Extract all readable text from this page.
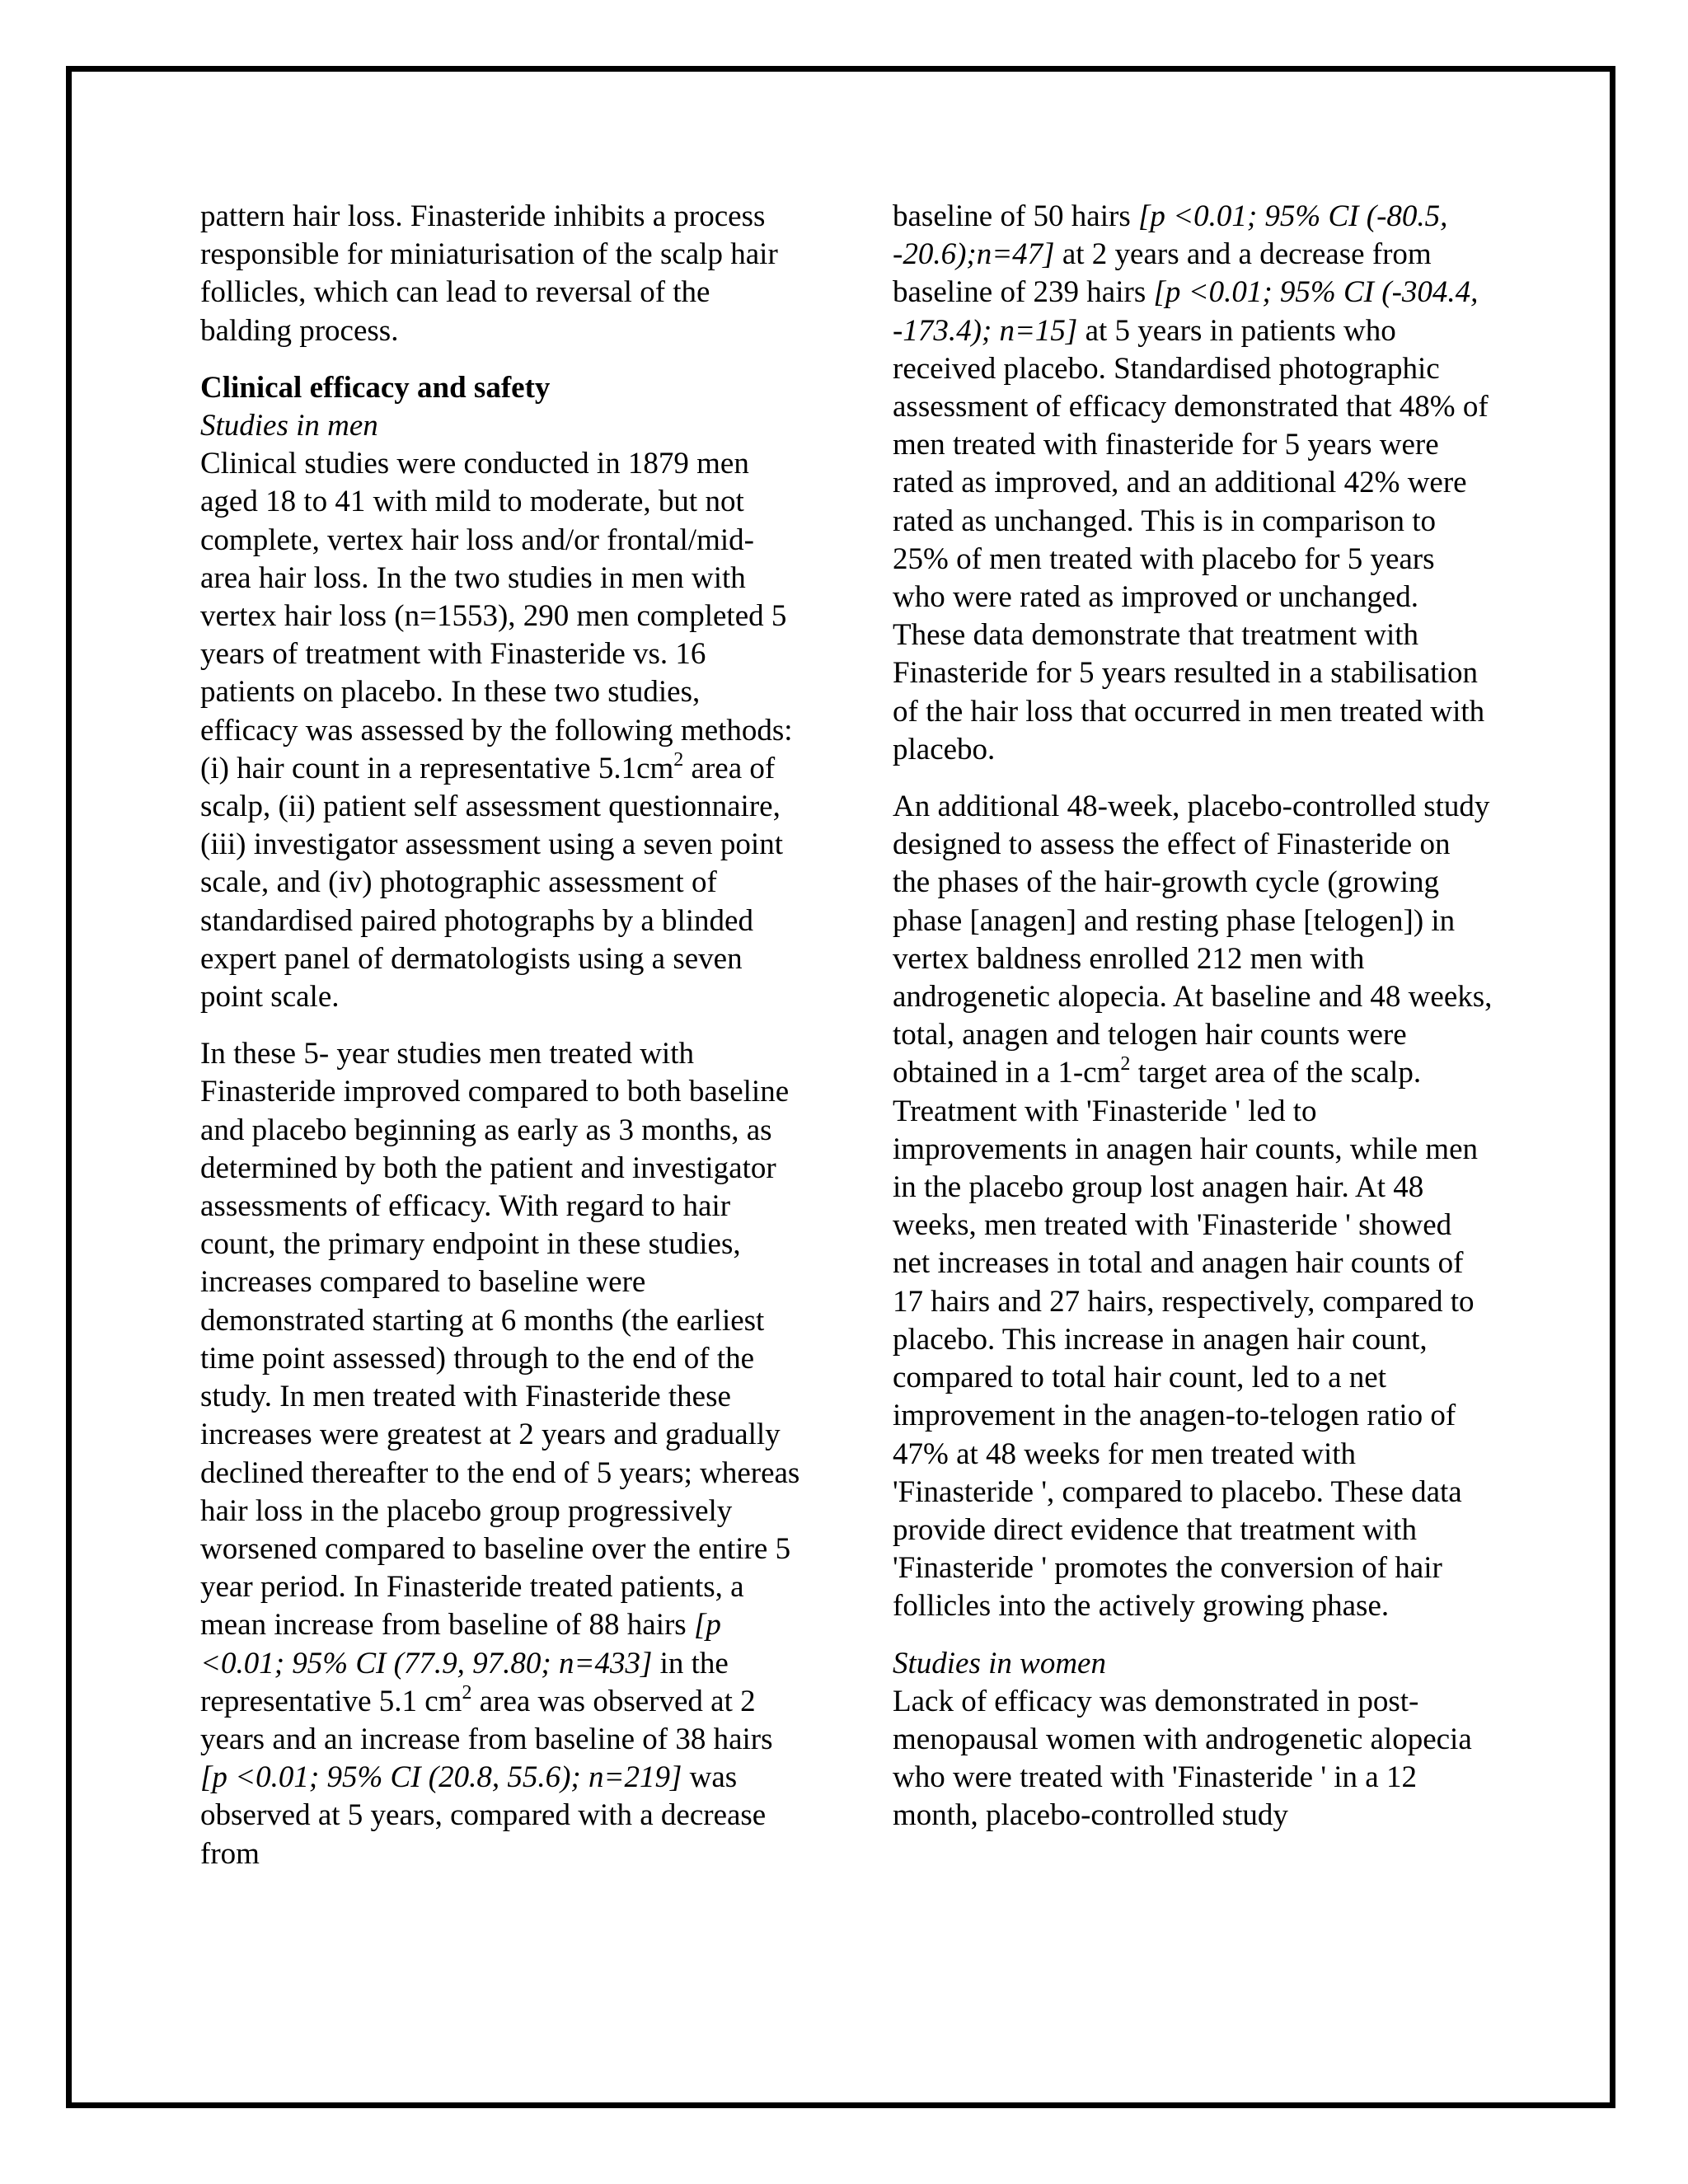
pattern hair loss. Finasteride inhibits a process responsible for miniaturisation of the scalp hair follicles, which can lead to reversal of the balding process.

Clinical efficacy and safety
Studies in men
Clinical studies were conducted in 1879 men aged 18 to 41 with mild to moderate, but not complete, vertex hair loss and/or frontal/mid-area hair loss. In the two studies in men with vertex hair loss (n=1553), 290 men completed 5 years of treatment with Finasteride vs. 16 patients on placebo. In these two studies, efficacy was assessed by the following methods: (i) hair count in a representative $5.1cm^2$ area of scalp, (ii) patient self assessment questionnaire, (iii) investigator assessment using a seven point scale, and (iv) photographic assessment of standardised paired photographs by a blinded expert panel of dermatologists using a seven point scale.

In these 5- year studies men treated with Finasteride improved compared to both baseline and placebo beginning as early as 3 months, as determined by both the patient and investigator assessments of efficacy. With regard to hair count, the primary endpoint in these studies, increases compared to baseline were demonstrated starting at 6 months (the earliest time point assessed) through to the end of the study. In men treated with Finasteride these increases were greatest at 2 years and gradually declined thereafter to the end of 5 years; whereas hair loss in the placebo group progressively worsened compared to baseline over the entire 5 year period. In Finasteride treated patients, a mean increase from baseline of 88 hairs [p <0.01; 95% CI (77.9, 97.80; n=433] in the representative 5.1 $cm^2$ area was observed at 2 years and an increase from baseline of 38 hairs [p <0.01; 95% CI (20.8, 55.6); n=219] was observed at 5 years, compared with a decrease from

baseline of 50 hairs [p <0.01; 95% CI (-80.5, -20.6);n=47] at 2 years and a decrease from baseline of 239 hairs [p <0.01; 95% CI (-304.4, -173.4); n=15] at 5 years in patients who received placebo. Standardised photographic assessment of efficacy demonstrated that 48% of men treated with finasteride for 5 years were rated as improved, and an additional 42% were rated as unchanged. This is in comparison to 25% of men treated with placebo for 5 years who were rated as improved or unchanged. These data demonstrate that treatment with Finasteride for 5 years resulted in a stabilisation of the hair loss that occurred in men treated with placebo.

An additional 48-week, placebo-controlled study designed to assess the effect of Finasteride on the phases of the hair-growth cycle (growing phase [anagen] and resting phase [telogen]) in vertex baldness enrolled 212 men with androgenetic alopecia. At baseline and 48 weeks, total, anagen and telogen hair counts were obtained in a $1-cm^2$ target area of the scalp. Treatment with 'Finasteride ' led to improvements in anagen hair counts, while men in the placebo group lost anagen hair. At 48 weeks, men treated with 'Finasteride ' showed net increases in total and anagen hair counts of 17 hairs and 27 hairs, respectively, compared to placebo. This increase in anagen hair count, compared to total hair count, led to a net improvement in the anagen-to-telogen ratio of 47% at 48 weeks for men treated with 'Finasteride ', compared to placebo. These data provide direct evidence that treatment with 'Finasteride ' promotes the conversion of hair follicles into the actively growing phase.

Studies in women
Lack of efficacy was demonstrated in post-menopausal women with androgenetic alopecia who were treated with 'Finasteride ' in a 12 month, placebo-controlled study
